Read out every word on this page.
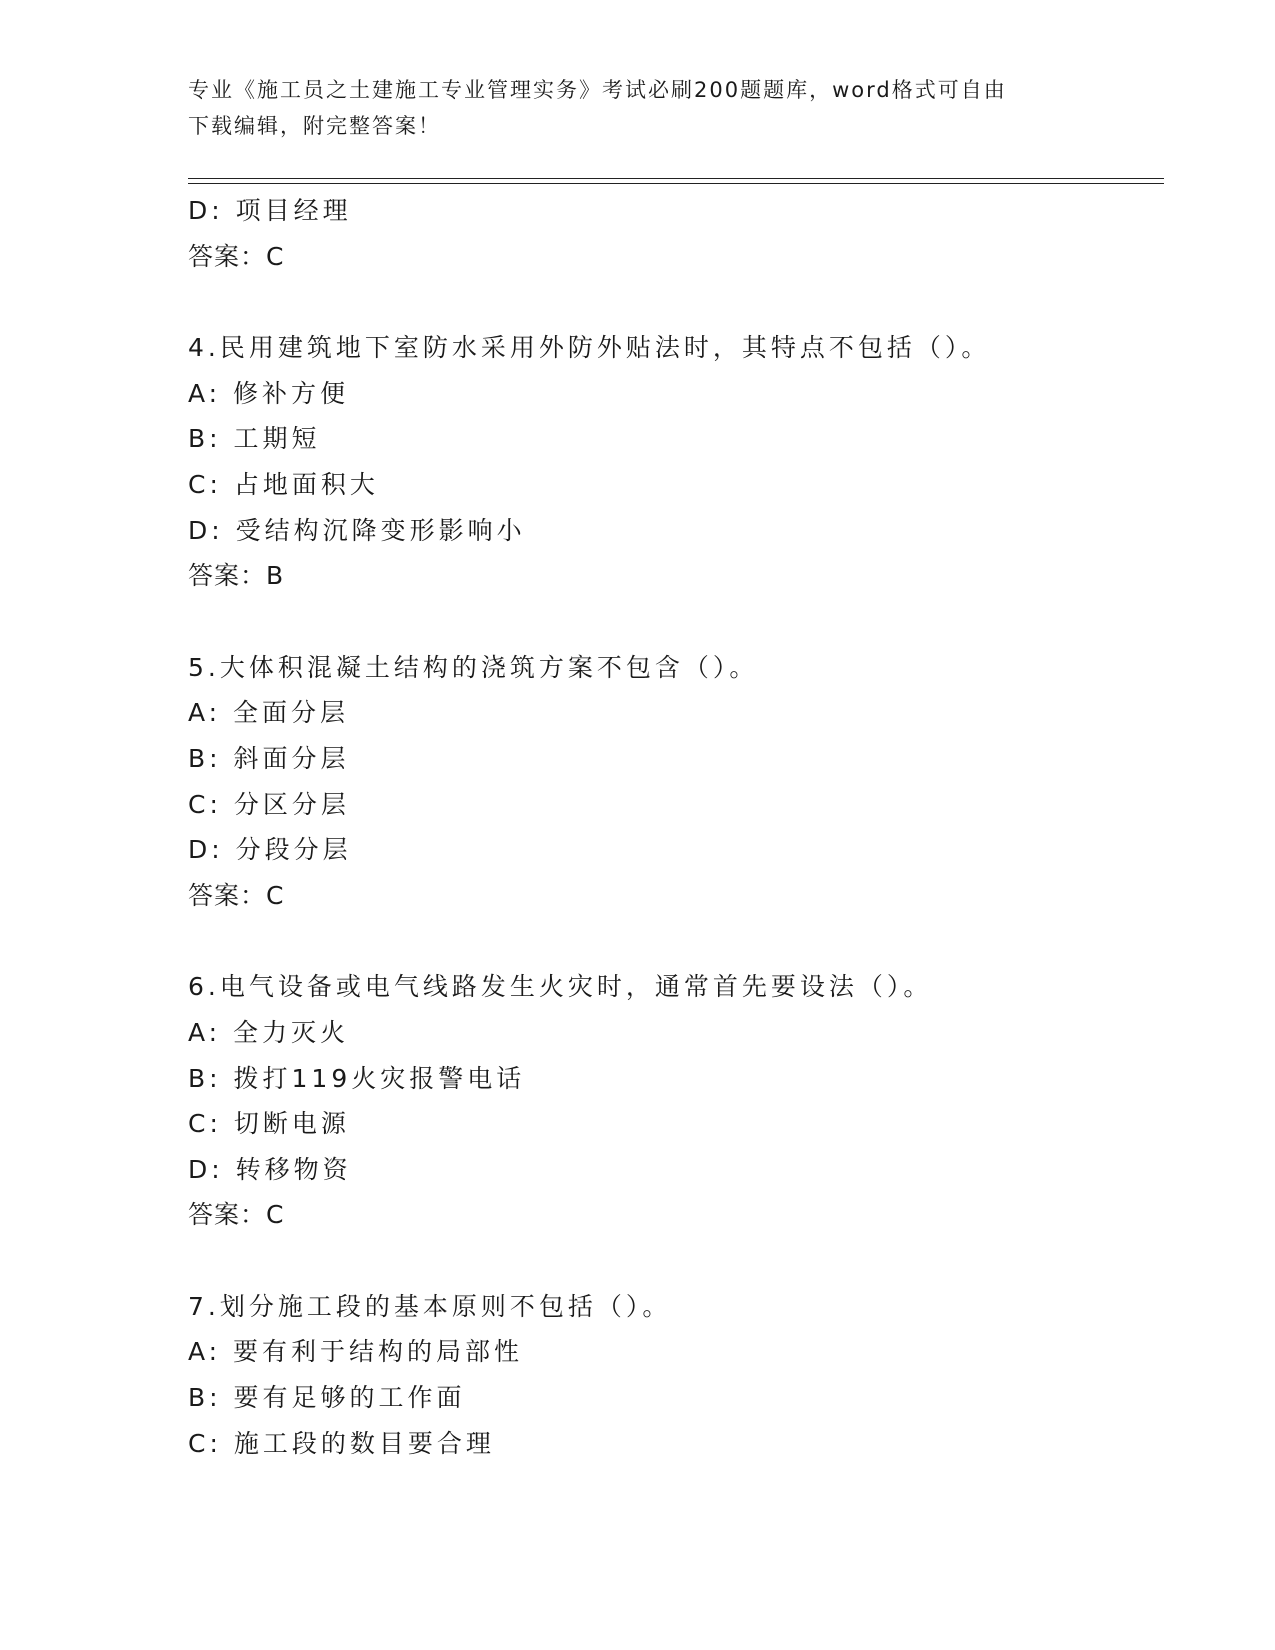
专业《施工员之土建施工专业管理实务》考试必刷200题题库，word格式可自由
下载编辑，附完整答案！
D: 项目经理
答案：C
4.民用建筑地下室防水采用外防外贴法时，其特点不包括（）。
A: 修补方便
B: 工期短
C: 占地面积大
D: 受结构沉降变形影响小
答案：B
5.大体积混凝土结构的浇筑方案不包含（）。
A: 全面分层
B: 斜面分层
C: 分区分层
D: 分段分层
答案：C
6.电气设备或电气线路发生火灾时，通常首先要设法（）。
A: 全力灭火
B: 拨打119火灾报警电话
C: 切断电源
D: 转移物资
答案：C
7.划分施工段的基本原则不包括（）。
A: 要有利于结构的局部性
B: 要有足够的工作面
C: 施工段的数目要合理
